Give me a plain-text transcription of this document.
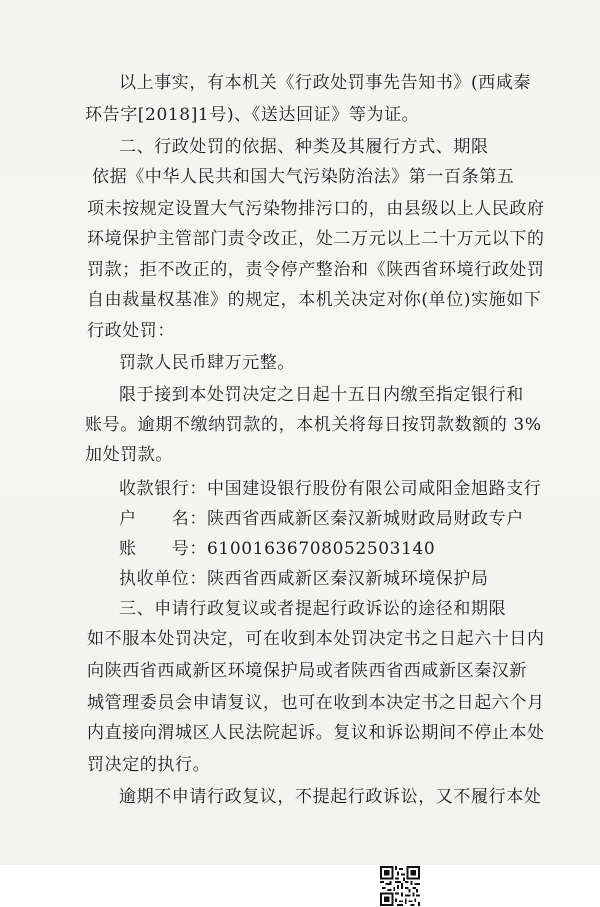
以上事实，有本机关《行政处罚事先告知书》(西咸秦
环告字[2018]1号)、《送达回证》等为证。
二、行政处罚的依据、种类及其履行方式、期限
依据《中华人民共和国大气污染防治法》第一百条第五
项未按规定设置大气污染物排污口的，由县级以上人民政府
环境保护主管部门责令改正，处二万元以上二十万元以下的
罚款；拒不改正的，责令停产整治和《陕西省环境行政处罚
自由裁量权基准》的规定，本机关决定对你(单位)实施如下
行政处罚：
罚款人民币肆万元整。
限于接到本处罚决定之日起十五日内缴至指定银行和
账号。逾期不缴纳罚款的，本机关将每日按罚款数额的 3%
加处罚款。
收款银行：中国建设银行股份有限公司咸阳金旭路支行
户　　名：陕西省西咸新区秦汉新城财政局财政专户
账　　号：61001636708052503140
执收单位：陕西省西咸新区秦汉新城环境保护局
三、申请行政复议或者提起行政诉讼的途径和期限
如不服本处罚决定，可在收到本处罚决定书之日起六十日内
向陕西省西咸新区环境保护局或者陕西省西咸新区秦汉新
城管理委员会申请复议，也可在收到本决定书之日起六个月
内直接向渭城区人民法院起诉。复议和诉讼期间不停止本处
罚决定的执行。
逾期不申请行政复议，不提起行政诉讼，又不履行本处
